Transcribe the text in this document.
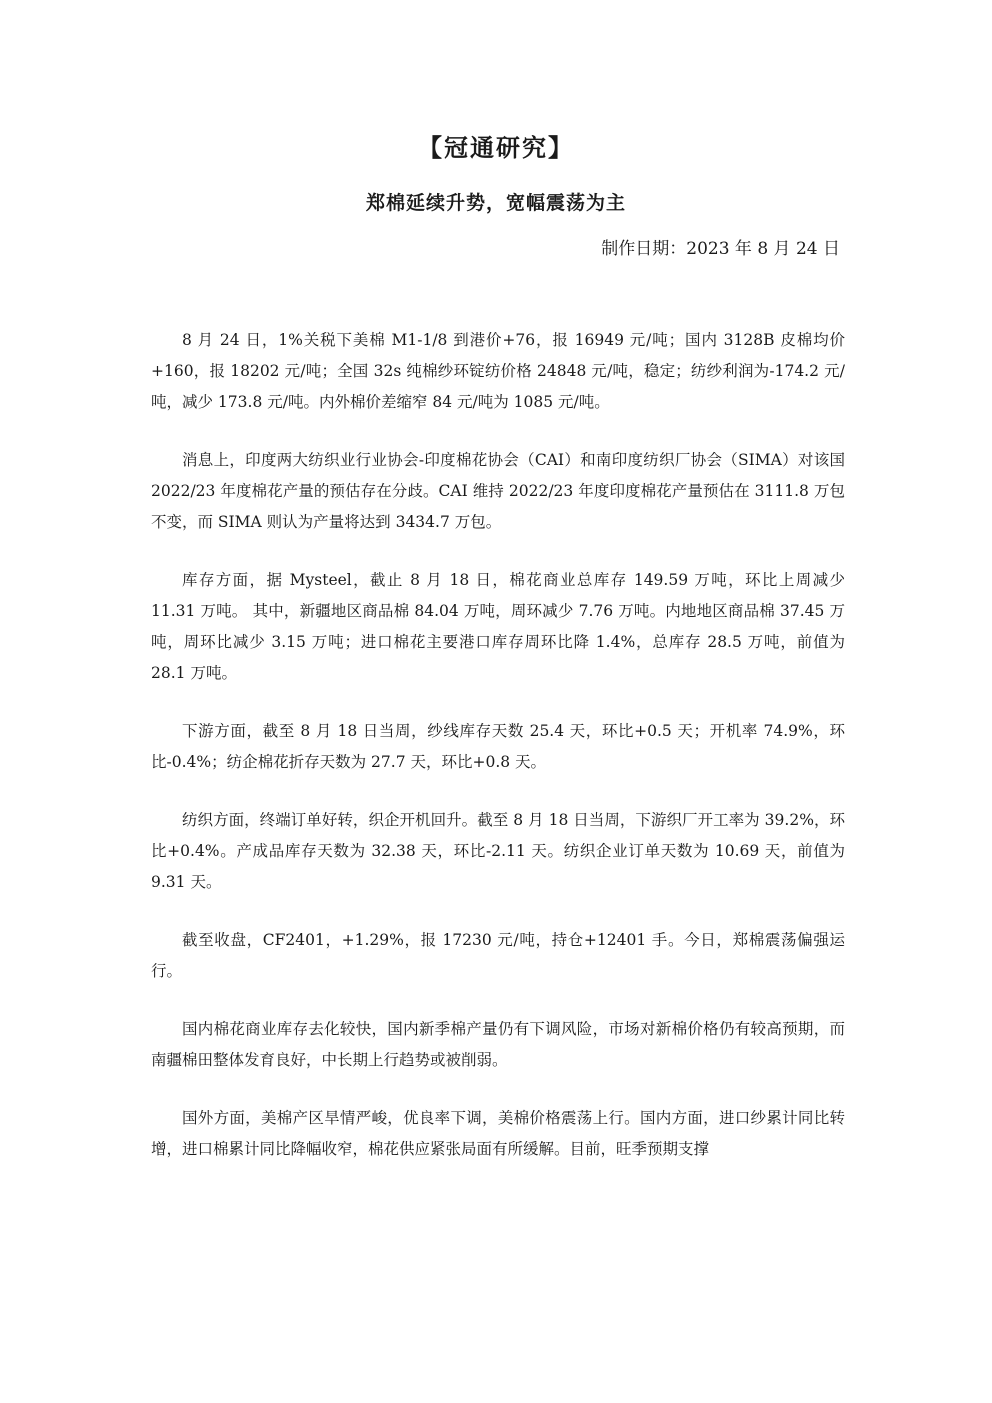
【冠通研究】
郑棉延续升势，宽幅震荡为主
制作日期：2023 年 8 月 24 日

8 月 24 日，1%关税下美棉 M1-1/8 到港价+76，报 16949 元/吨；国内 3128B 皮棉均价+160，报 18202 元/吨；全国 32s 纯棉纱环锭纺价格 24848 元/吨，稳定；纺纱利润为-174.2 元/吨，减少 173.8 元/吨。内外棉价差缩窄 84 元/吨为 1085 元/吨。

消息上，印度两大纺织业行业协会-印度棉花协会（CAI）和南印度纺织厂协会（SIMA）对该国 2022/23 年度棉花产量的预估存在分歧。CAI 维持 2022/23 年度印度棉花产量预估在 3111.8 万包不变，而 SIMA 则认为产量将达到 3434.7 万包。

库存方面，据 Mysteel，截止 8 月 18 日，棉花商业总库存 149.59 万吨，环比上周减少 11.31 万吨。 其中，新疆地区商品棉 84.04 万吨，周环减少 7.76 万吨。内地地区商品棉 37.45 万吨，周环比减少 3.15 万吨；进口棉花主要港口库存周环比降 1.4%，总库存 28.5 万吨，前值为 28.1 万吨。

下游方面，截至 8 月 18 日当周，纱线库存天数 25.4 天，环比+0.5 天；开机率 74.9%，环比-0.4%；纺企棉花折存天数为 27.7 天，环比+0.8 天。

纺织方面，终端订单好转，织企开机回升。截至 8 月 18 日当周，下游织厂开工率为 39.2%，环比+0.4%。产成品库存天数为 32.38 天，环比-2.11 天。纺织企业订单天数为 10.69 天，前值为 9.31 天。

截至收盘，CF2401，+1.29%，报 17230 元/吨，持仓+12401 手。今日，郑棉震荡偏强运行。

国内棉花商业库存去化较快，国内新季棉产量仍有下调风险，市场对新棉价格仍有较高预期，而南疆棉田整体发育良好，中长期上行趋势或被削弱。

国外方面，美棉产区旱情严峻，优良率下调，美棉价格震荡上行。国内方面，进口纱累计同比转增，进口棉累计同比降幅收窄，棉花供应紧张局面有所缓解。目前，旺季预期支撑
